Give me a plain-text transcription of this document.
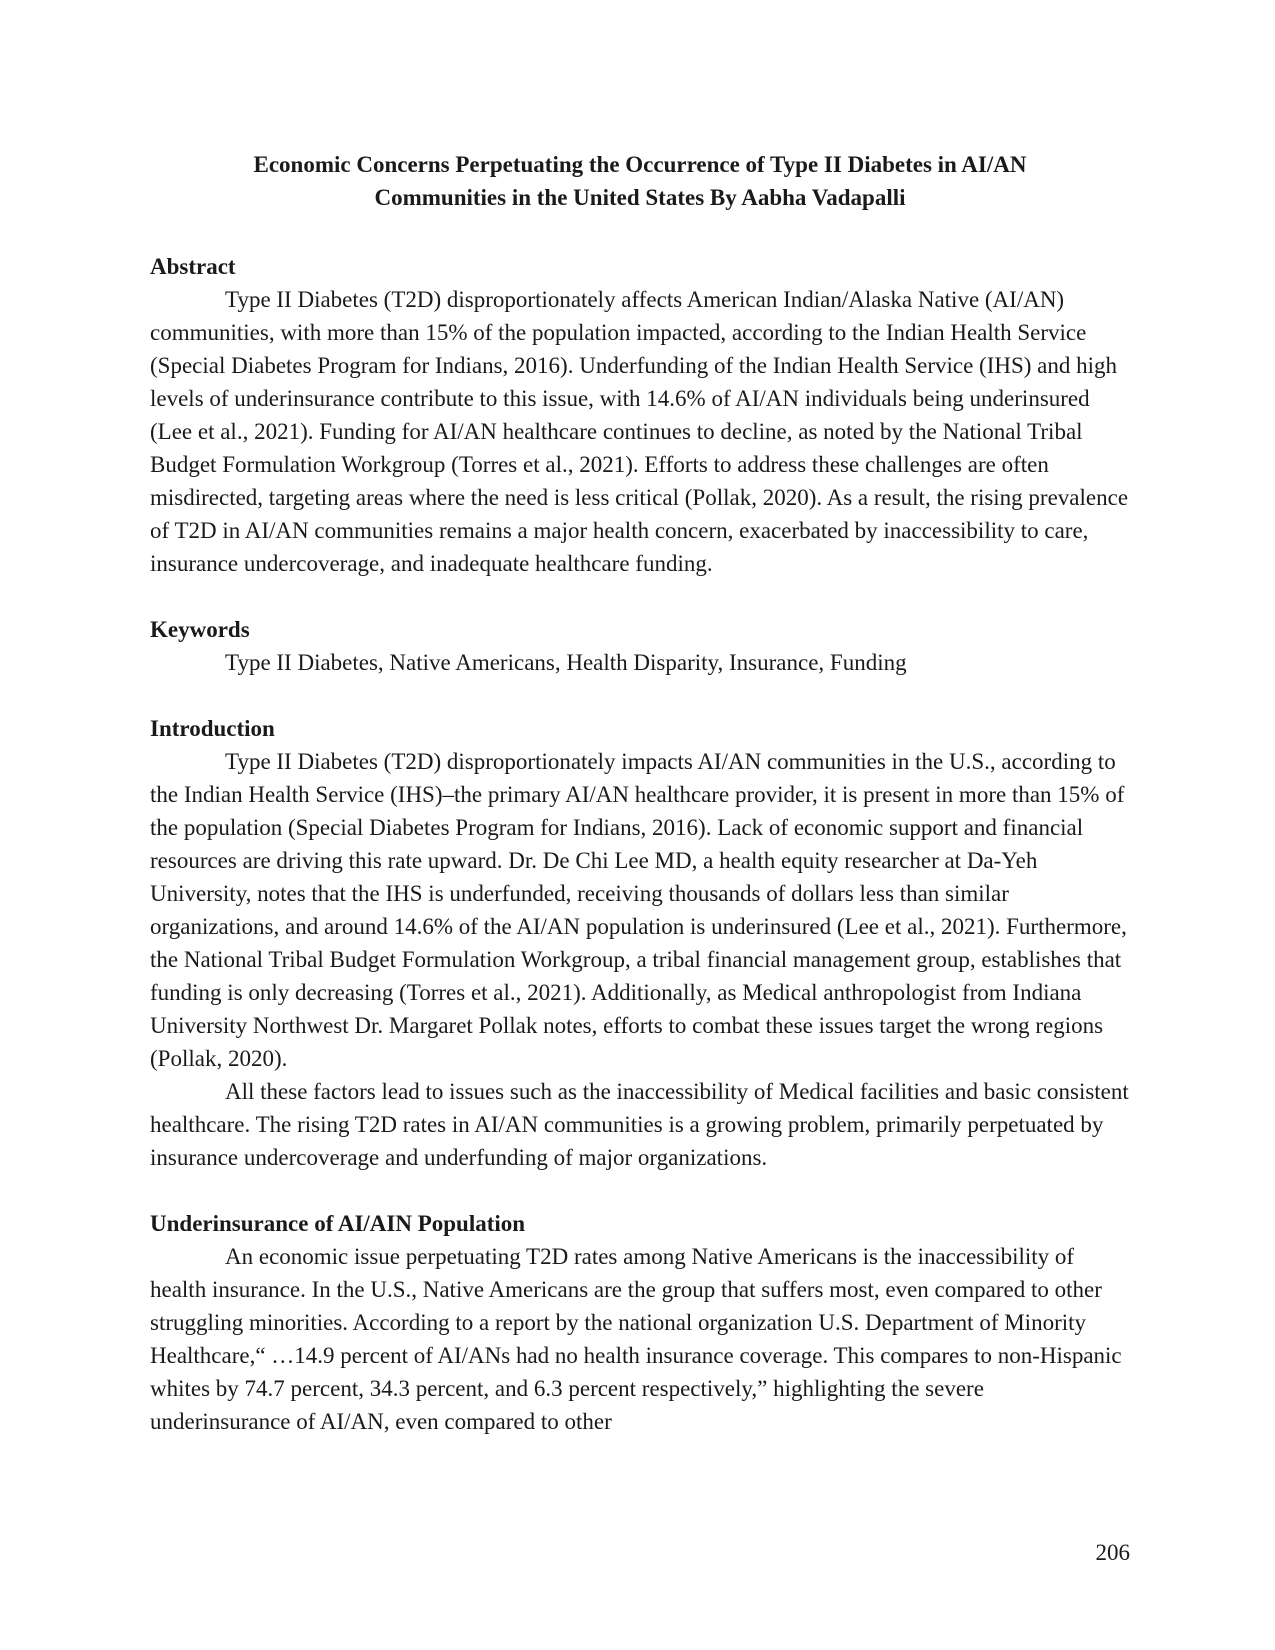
Economic Concerns Perpetuating the Occurrence of Type II Diabetes in AI/AN
Communities in the United States By Aabha Vadapalli

Abstract

Type II Diabetes (T2D) disproportionately affects American Indian/Alaska Native (AI/AN) communities, with more than 15% of the population impacted, according to the Indian Health Service (Special Diabetes Program for Indians, 2016). Underfunding of the Indian Health Service (IHS) and high levels of underinsurance contribute to this issue, with 14.6% of AI/AN individuals being underinsured (Lee et al., 2021). Funding for AI/AN healthcare continues to decline, as noted by the National Tribal Budget Formulation Workgroup (Torres et al., 2021). Efforts to address these challenges are often misdirected, targeting areas where the need is less critical (Pollak, 2020). As a result, the rising prevalence of T2D in AI/AN communities remains a major health concern, exacerbated by inaccessibility to care, insurance undercoverage, and inadequate healthcare funding.

Keywords

Type II Diabetes, Native Americans, Health Disparity, Insurance, Funding

Introduction

Type II Diabetes (T2D) disproportionately impacts AI/AN communities in the U.S., according to the Indian Health Service (IHS)–the primary AI/AN healthcare provider, it is present in more than 15% of the population (Special Diabetes Program for Indians, 2016). Lack of economic support and financial resources are driving this rate upward. Dr. De Chi Lee MD, a health equity researcher at Da-Yeh University, notes that the IHS is underfunded, receiving thousands of dollars less than similar organizations, and around 14.6% of the AI/AN population is underinsured (Lee et al., 2021). Furthermore, the National Tribal Budget Formulation Workgroup, a tribal financial management group, establishes that funding is only decreasing (Torres et al., 2021). Additionally, as Medical anthropologist from Indiana University Northwest Dr. Margaret Pollak notes, efforts to combat these issues target the wrong regions (Pollak, 2020).

All these factors lead to issues such as the inaccessibility of Medical facilities and basic consistent healthcare. The rising T2D rates in AI/AN communities is a growing problem, primarily perpetuated by insurance undercoverage and underfunding of major organizations.

Underinsurance of AI/AIN Population

An economic issue perpetuating T2D rates among Native Americans is the inaccessibility of health insurance. In the U.S., Native Americans are the group that suffers most, even compared to other struggling minorities. According to a report by the national organization U.S. Department of Minority Healthcare,“ …14.9 percent of AI/ANs had no health insurance coverage. This compares to non-Hispanic whites by 74.7 percent, 34.3 percent, and 6.3 percent respectively,” highlighting the severe underinsurance of AI/AN, even compared to other

206
